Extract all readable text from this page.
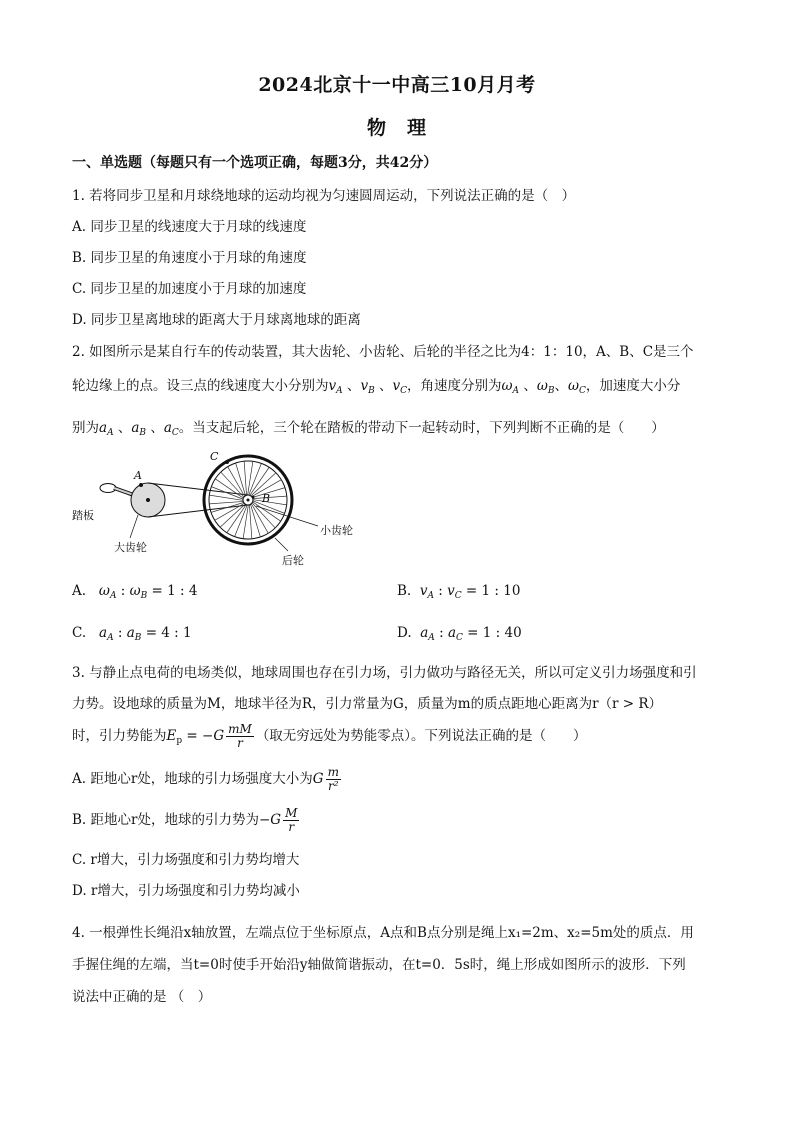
2024北京十一中高三10月月考
物　理
一、单选题（每题只有一个选项正确，每题3分，共42分）
1. 若将同步卫星和月球绕地球的运动均视为匀速圆周运动，下列说法正确的是（　）
A. 同步卫星的线速度大于月球的线速度
B. 同步卫星的角速度小于月球的角速度
C. 同步卫星的加速度小于月球的加速度
D. 同步卫星离地球的距离大于月球离地球的距离
2. 如图所示是某自行车的传动装置，其大齿轮、小齿轮、后轮的半径之比为4：1：10，A、B、C是三个
轮边缘上的点。设三点的线速度大小分别为$v_A$ 、$v_B$ 、$v_C$，角速度分别为$\omega_A$ 、$\omega_B$、$\omega_C$，加速度大小分
别为$a_A$ 、$a_B$ 、$a_C$。当支起后轮，三个轮在踏板的带动下一起转动时，下列判断不正确的是（　　）
A
C
B
踏板
大齿轮
小齿轮
后轮
A. $\omega_A$ : $\omega_B = 1$ : 4	B. $v_A$ : $v_C = 1$ : 10
C. $a_A$ : $a_B = 4$ : 1	D. $a_A$ : $a_C = 1$ : 40
3. 与静止点电荷的电场类似，地球周围也存在引力场，引力做功与路径无关，所以可定义引力场强度和引
力势。设地球的质量为M，地球半径为R，引力常量为G，质量为m的质点距地心距离为r（r > R）
时，引力势能为$E_p = -G \frac{mM}{r}$ （取无穷远处为势能零点）。下列说法正确的是（　　）
A. 距地心r处，地球的引力场强度大小为G $\frac{m}{\text{r²}}$
B. 距地心r处，地球的引力势为$-G \frac{M}{r}$
C. r增大，引力场强度和引力势均增大
D. r增大，引力场强度和引力势均减小
4. 一根弹性长绳沿x轴放置，左端点位于坐标原点，A点和B点分别是绳上x₁=2m、x₂=5m处的质点．用
手握住绳的左端，当t=0时使手开始沿y轴做简谐振动，在t=0．5s时，绳上形成如图所示的波形．下列
说法中正确的是 （　）
